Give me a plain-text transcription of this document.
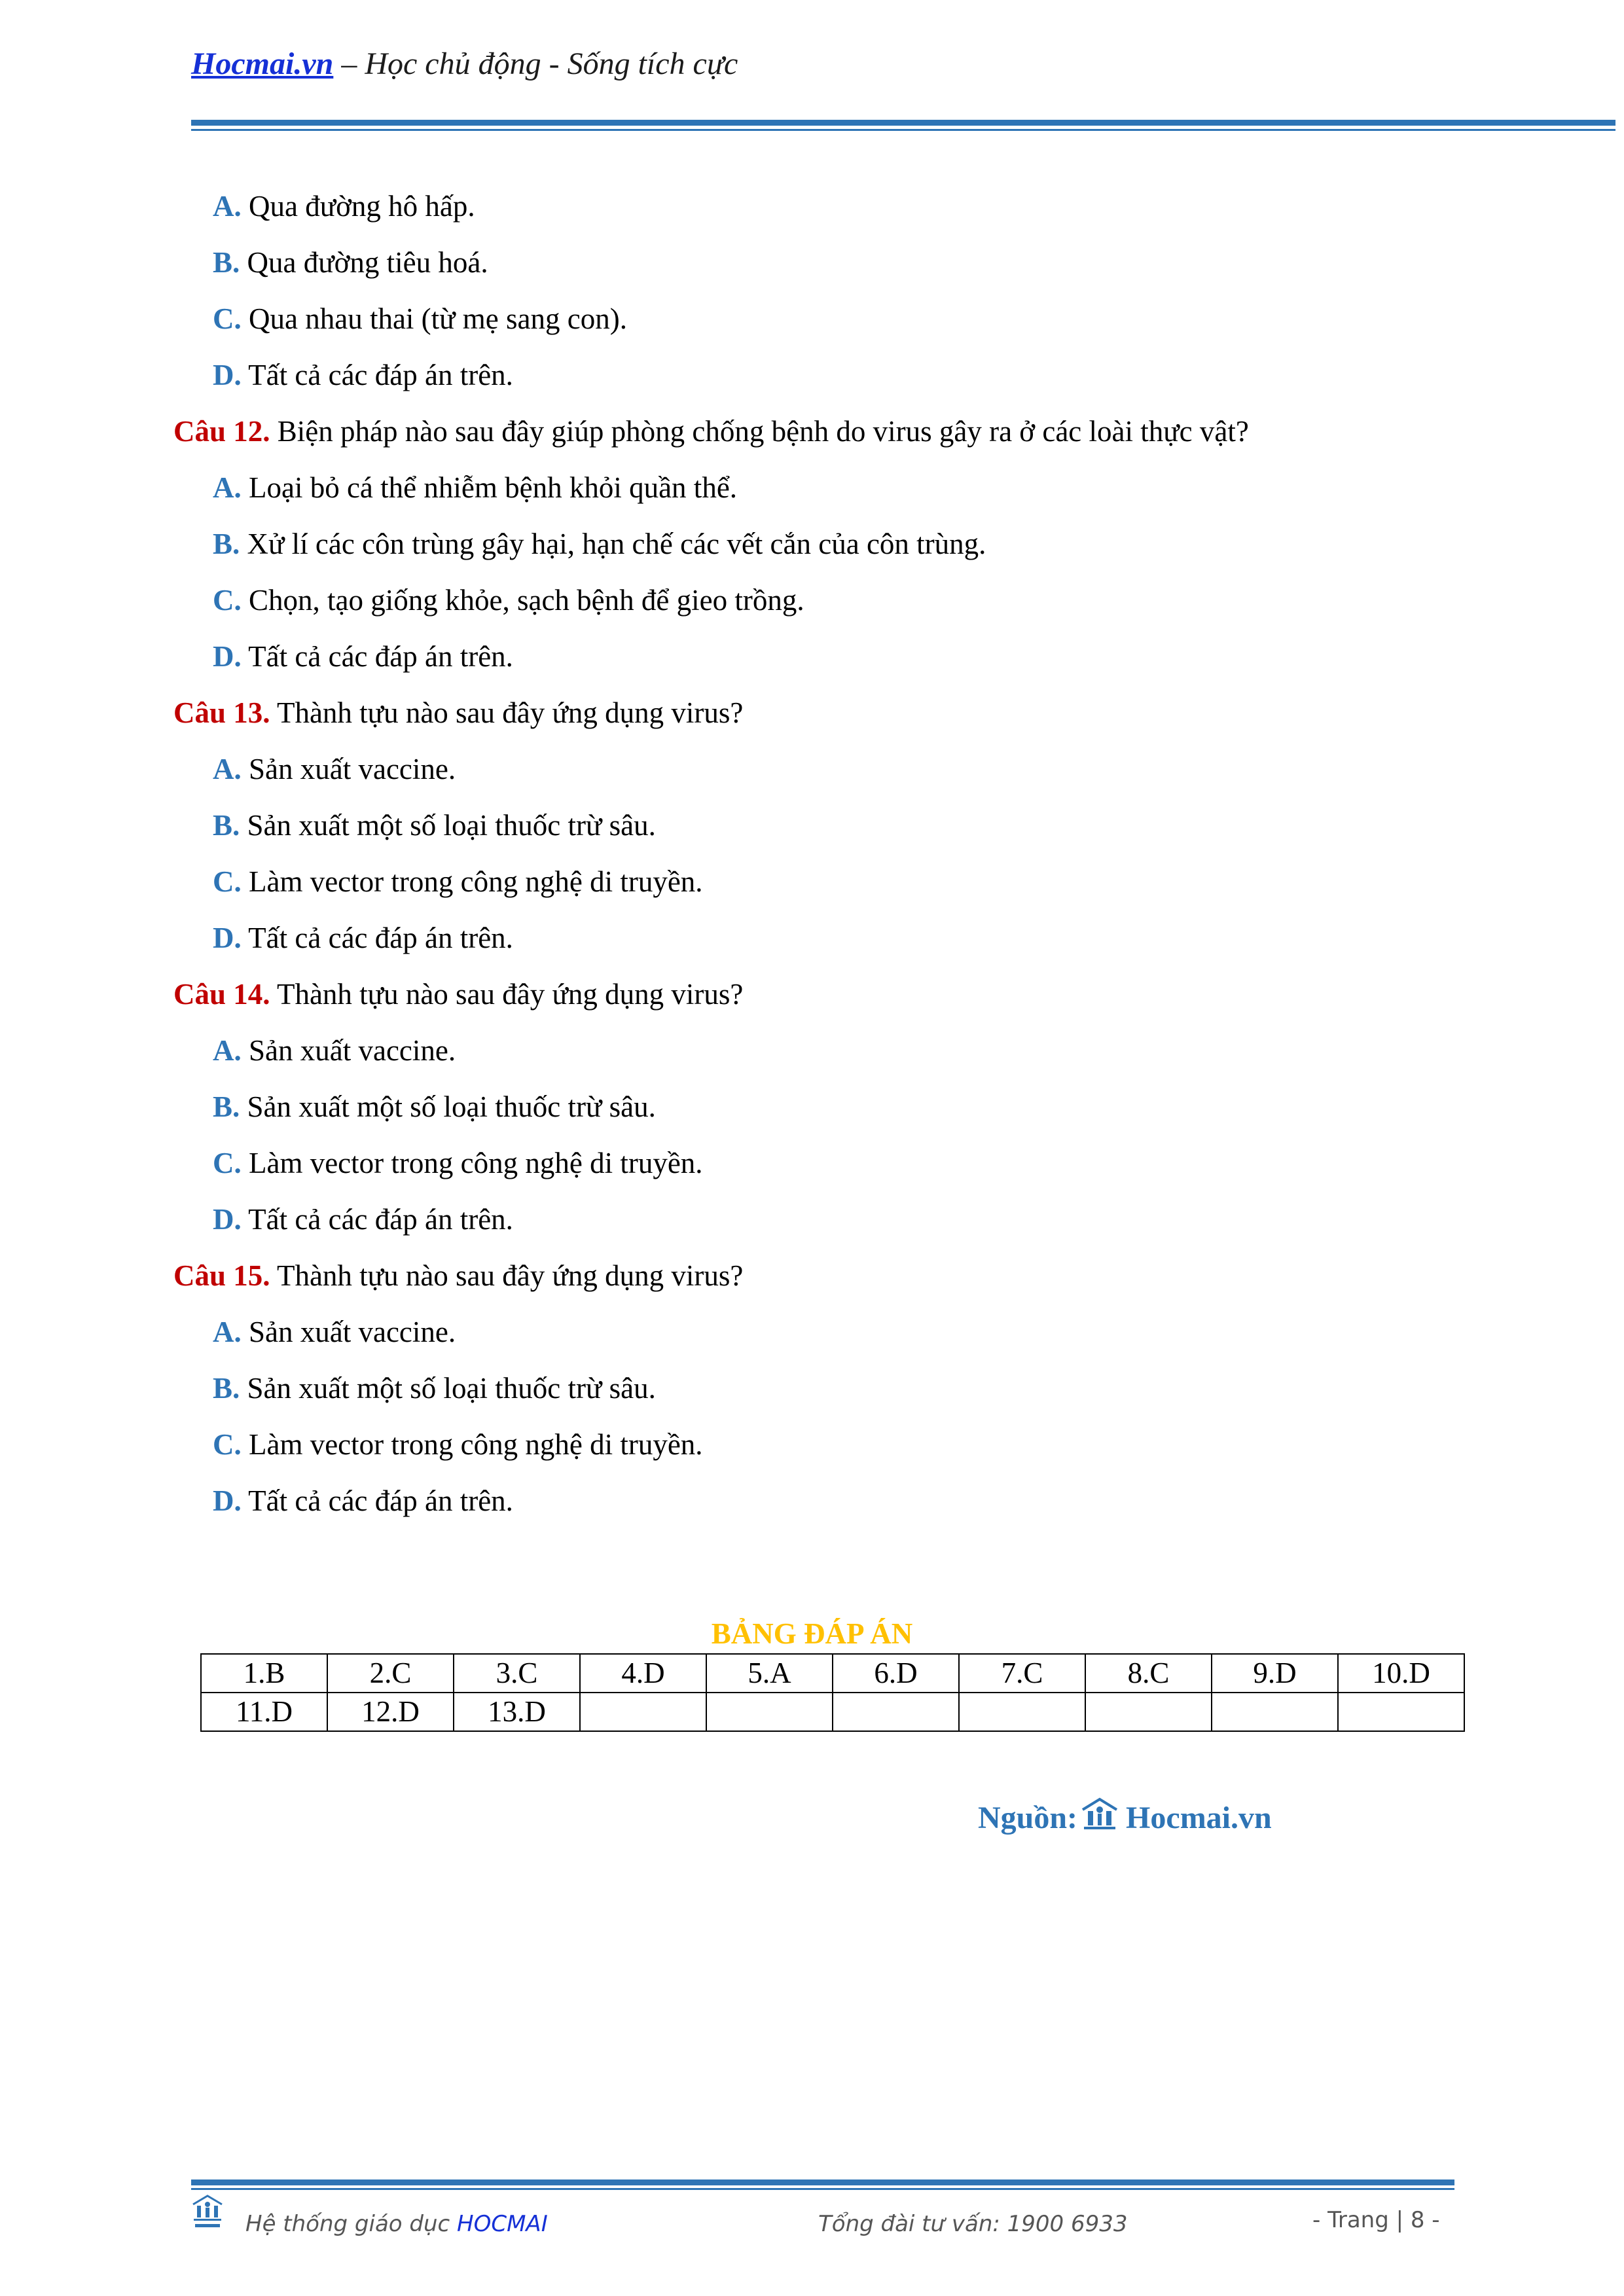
Hocmai.vn – Học chủ động - Sống tích cực
A. Qua đường hô hấp.
B. Qua đường tiêu hoá.
C. Qua nhau thai (từ mẹ sang con).
D. Tất cả các đáp án trên.
Câu 12. Biện pháp nào sau đây giúp phòng chống bệnh do virus gây ra ở các loài thực vật?
A. Loại bỏ cá thể nhiễm bệnh khỏi quần thể.
B. Xử lí các côn trùng gây hại, hạn chế các vết cắn của côn trùng.
C. Chọn, tạo giống khỏe, sạch bệnh để gieo trồng.
D. Tất cả các đáp án trên.
Câu 13. Thành tựu nào sau đây ứng dụng virus?
A. Sản xuất vaccine.
B. Sản xuất một số loại thuốc trừ sâu.
C. Làm vector trong công nghệ di truyền.
D. Tất cả các đáp án trên.
Câu 14. Thành tựu nào sau đây ứng dụng virus?
A. Sản xuất vaccine.
B. Sản xuất một số loại thuốc trừ sâu.
C. Làm vector trong công nghệ di truyền.
D. Tất cả các đáp án trên.
Câu 15. Thành tựu nào sau đây ứng dụng virus?
A. Sản xuất vaccine.
B. Sản xuất một số loại thuốc trừ sâu.
C. Làm vector trong công nghệ di truyền.
D. Tất cả các đáp án trên.
BẢNG ĐÁP ÁN
1.B	2.C	3.C	4.D	5.A	6.D	7.C	8.C	9.D	10.D
11.D	12.D	13.D							
Nguồn: Hocmai.vn
Hệ thống giáo dục HOCMAI	Tổng đài tư vấn: 1900 6933	- Trang | 8 -
